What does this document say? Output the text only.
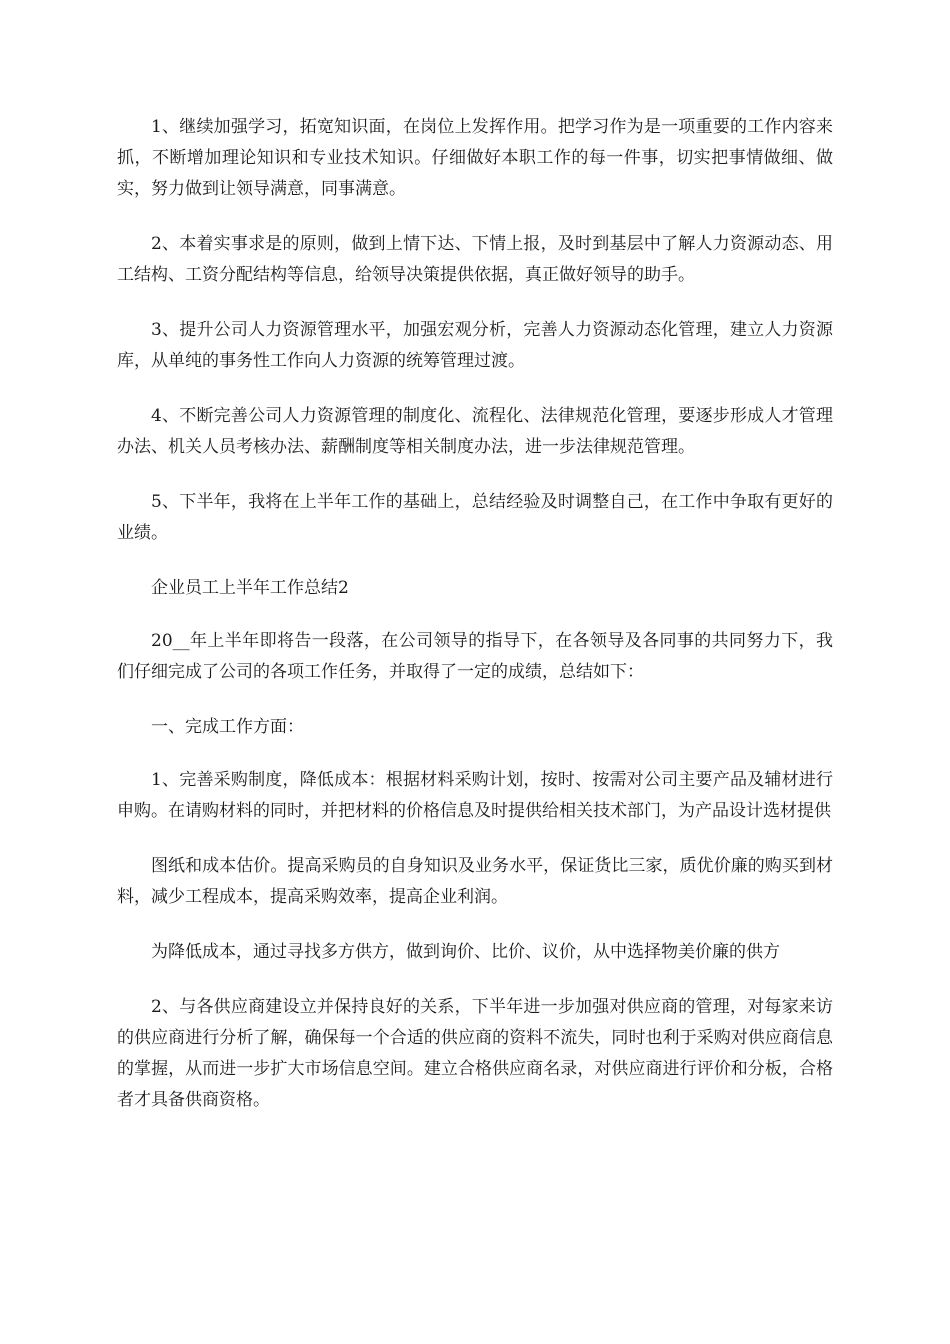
1、继续加强学习，拓宽知识面，在岗位上发挥作用。把学习作为是一项重要的工作内容来抓，不断增加理论知识和专业技术知识。仔细做好本职工作的每一件事，切实把事情做细、做实，努力做到让领导满意，同事满意。

2、本着实事求是的原则，做到上情下达、下情上报，及时到基层中了解人力资源动态、用工结构、工资分配结构等信息，给领导决策提供依据，真正做好领导的助手。

3、提升公司人力资源管理水平，加强宏观分析，完善人力资源动态化管理，建立人力资源库，从单纯的事务性工作向人力资源的统筹管理过渡。

4、不断完善公司人力资源管理的制度化、流程化、法律规范化管理，要逐步形成人才管理办法、机关人员考核办法、薪酬制度等相关制度办法，进一步法律规范管理。

5、下半年，我将在上半年工作的基础上，总结经验及时调整自己，在工作中争取有更好的业绩。

企业员工上半年工作总结2

20__年上半年即将告一段落，在公司领导的指导下，在各领导及各同事的共同努力下，我们仔细完成了公司的各项工作任务，并取得了一定的成绩，总结如下：

一、完成工作方面：

1、完善采购制度，降低成本：根据材料采购计划，按时、按需对公司主要产品及辅材进行申购。在请购材料的同时，并把材料的价格信息及时提供给相关技术部门，为产品设计选材提供

图纸和成本估价。提高采购员的自身知识及业务水平，保证货比三家，质优价廉的购买到材料，减少工程成本，提高采购效率，提高企业利润。

为降低成本，通过寻找多方供方，做到询价、比价、议价，从中选择物美价廉的供方

2、与各供应商建设立并保持良好的关系，下半年进一步加强对供应商的管理，对每家来访的供应商进行分析了解，确保每一个合适的供应商的资料不流失，同时也利于采购对供应商信息的掌握，从而进一步扩大市场信息空间。建立合格供应商名录，对供应商进行评价和分板，合格者才具备供商资格。
